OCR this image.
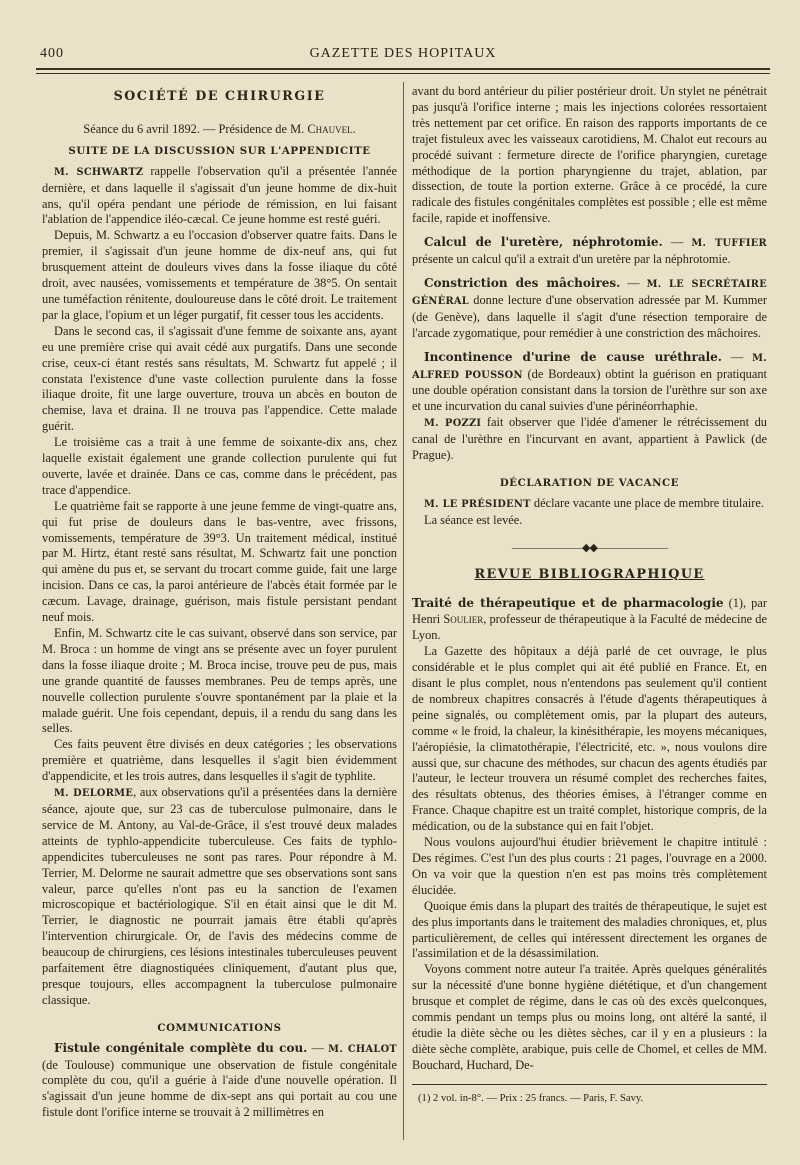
400	GAZETTE DES HOPITAUX
SOCIÉTÉ DE CHIRURGIE
Séance du 6 avril 1892. — Présidence de M. Chauvel.
SUITE DE LA DISCUSSION SUR L'APPENDICITE

M. SCHWARTZ rappelle l'observation qu'il a présentée l'année dernière, et dans laquelle il s'agissait d'un jeune homme de dix-huit ans, qu'il opéra pendant une période de rémission, en lui faisant l'ablation de l'appendice iléo-cæcal. Ce jeune homme est resté guéri.

Depuis, M. Schwartz a eu l'occasion d'observer quatre faits. Dans le premier, il s'agissait d'un jeune homme de dix-neuf ans, qui fut brusquement atteint de douleurs vives dans la fosse iliaque du côté droit, avec nausées, vomissements et température de 38°5. On sentait une tuméfaction rénitente, douloureuse dans le côté droit. Le traitement par la glace, l'opium et un léger purgatif, fit cesser tous les accidents.

Dans le second cas, il s'agissait d'une femme de soixante ans, ayant eu une première crise qui avait cédé aux purgatifs. Dans une seconde crise, ceux-ci étant restés sans résultats, M. Schwartz fut appelé ; il constata l'existence d'une vaste collection purulente dans la fosse iliaque droite, fit une large ouverture, trouva un abcès en bouton de chemise, lava et draina. Il ne trouva pas l'appendice. Cette malade guérit.

Le troisième cas a trait à une femme de soixante-dix ans, chez laquelle existait également une grande collection purulente qui fut ouverte, lavée et drainée. Dans ce cas, comme dans le précédent, pas trace d'appendice.

Le quatrième fait se rapporte à une jeune femme de vingt-quatre ans, qui fut prise de douleurs dans le bas-ventre, avec frissons, vomissements, température de 39°3. Un traitement médical, institué par M. Hirtz, étant resté sans résultat, M. Schwartz fait une ponction qui amène du pus et, se servant du trocart comme guide, fait une large incision. Dans ce cas, la paroi antérieure de l'abcès était formée par le cæcum. Lavage, drainage, guérison, mais fistule persistant pendant neuf mois.

Enfin, M. Schwartz cite le cas suivant, observé dans son service, par M. Broca : un homme de vingt ans se présente avec un foyer purulent dans la fosse iliaque droite ; M. Broca incise, trouve peu de pus, mais une grande quantité de fausses membranes. Peu de temps après, une nouvelle collection purulente s'ouvre spontanément par la plaie et la malade guérit. Une fois cependant, depuis, il a rendu du sang dans les selles.

Ces faits peuvent être divisés en deux catégories ; les observations première et quatrième, dans lesquelles il s'agit bien évidemment d'appendicite, et les trois autres, dans lesquelles il s'agit de typhlite.

M. DELORME, aux observations qu'il a présentées dans la dernière séance, ajoute que, sur 23 cas de tuberculose pulmonaire, dans le service de M. Antony, au Val-de-Grâce, il s'est trouvé deux malades atteints de typhlo-appendicite tuberculeuse. Ces faits de typhlo-appendicites tuberculeuses ne sont pas rares. Pour répondre à M. Terrier, M. Delorme ne saurait admettre que ses observations sont sans valeur, parce qu'elles n'ont pas eu la sanction de l'examen microscopique et bactériologique. S'il en était ainsi que le dit M. Terrier, le diagnostic ne pourrait jamais être établi qu'après l'intervention chirurgicale. Or, de l'avis des médecins comme de beaucoup de chirurgiens, ces lésions intestinales tuberculeuses peuvent parfaitement être diagnostiquées cliniquement, d'autant plus que, presque toujours, elles accompagnent la tuberculose pulmonaire classique.

COMMUNICATIONS

Fistule congénitale complète du cou. — M. CHALOT (de Toulouse) communique une observation de fistule congénitale complète du cou, qu'il a guérie à l'aide d'une nouvelle opération. Il s'agissait d'un jeune homme de dix-sept ans qui portait au cou une fistule dont l'orifice interne se trouvait à 2 millimètres en

avant du bord antérieur du pilier postérieur droit. Un stylet ne pénétrait pas jusqu'à l'orifice interne ; mais les injections colorées ressortaient très nettement par cet orifice. En raison des rapports importants de ce trajet fistuleux avec les vaisseaux carotidiens, M. Chalot eut recours au procédé suivant : fermeture directe de l'orifice pharyngien, curetage méthodique de la portion pharyngienne du trajet, ablation, par dissection, de toute la portion externe. Grâce à ce procédé, la cure radicale des fistules congénitales complètes est possible ; elle est même facile, rapide et inoffensive.

Calcul de l'uretère, néphrotomie. — M. TUFFIER présente un calcul qu'il a extrait d'un uretère par la néphrotomie.

Constriction des mâchoires. — M. LE SECRÉTAIRE GÉNÉRAL donne lecture d'une observation adressée par M. Kummer (de Genève), dans laquelle il s'agit d'une résection temporaire de l'arcade zygomatique, pour remédier à une constriction des mâchoires.

Incontinence d'urine de cause uréthrale. — M. ALFRED POUSSON (de Bordeaux) obtint la guérison en pratiquant une double opération consistant dans la torsion de l'urèthre sur son axe et une incurvation du canal suivies d'une périnéorrhaphie.

M. POZZI fait observer que l'idée d'amener le rétrécissement du canal de l'urèthre en l'incurvant en avant, appartient à Pawlick (de Prague).

DÉCLARATION DE VACANCE

M. LE PRÉSIDENT déclare vacante une place de membre titulaire.

La séance est levée.

———————◆◆———————
REVUE BIBLIOGRAPHIQUE

Traité de thérapeutique et de pharmacologie (1), par Henri Soulier, professeur de thérapeutique à la Faculté de médecine de Lyon.

La Gazette des hôpitaux a déjà parlé de cet ouvrage, le plus considérable et le plus complet qui ait été publié en France. Et, en disant le plus complet, nous n'entendons pas seulement qu'il contient de nombreux chapitres consacrés à l'étude d'agents thérapeutiques à peine signalés, ou complètement omis, par la plupart des auteurs, comme « le froid, la chaleur, la kinésithérapie, les moyens mécaniques, l'aéropiésie, la climatothérapie, l'électricité, etc. », nous voulons dire aussi que, sur chacune des méthodes, sur chacun des agents étudiés par l'auteur, le lecteur trouvera un résumé complet des recherches faites, des résultats obtenus, des théories émises, à l'étranger comme en France. Chaque chapitre est un traité complet, historique compris, de la médication, ou de la substance qui en fait l'objet.

Nous voulons aujourd'hui étudier brièvement le chapitre intitulé : Des régimes. C'est l'un des plus courts : 21 pages, l'ouvrage en a 2000. On va voir que la question n'en est pas moins très complètement élucidée.

Quoique émis dans la plupart des traités de thérapeutique, le sujet est des plus importants dans le traitement des maladies chroniques, et, plus particulièrement, de celles qui intéressent directement les organes de l'assimilation et de la désassimilation.

Voyons comment notre auteur l'a traitée. Après quelques généralités sur la nécessité d'une bonne hygiène diététique, et d'un changement brusque et complet de régime, dans le cas où des excès quelconques, commis pendant un temps plus ou moins long, ont altéré la santé, il étudie la diète sèche ou les diètes sèches, car il y en a plusieurs : la diète sèche complète, arabique, puis celle de Chomel, et celles de MM. Bouchard, Huchard, De-

(1) 2 vol. in-8°. — Prix : 25 francs. — Paris, F. Savy.
